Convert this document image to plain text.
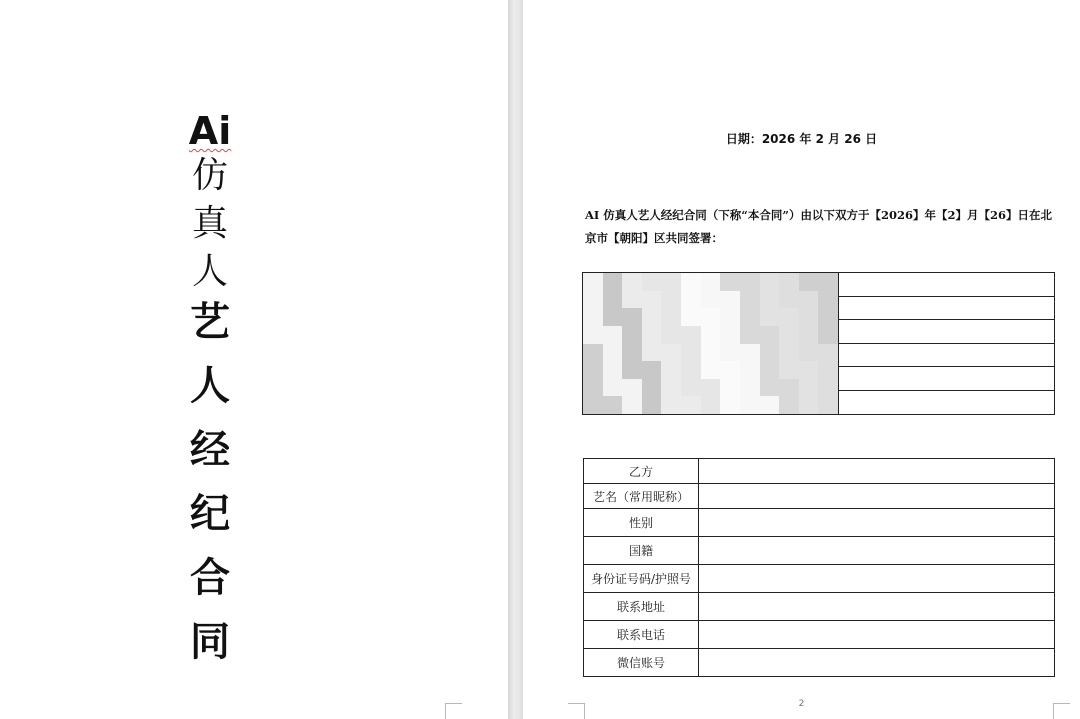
Ai
仿
真
人
艺
人
经
纪
合
同
日期：2026 年 2 月 26 日
AI 仿真人艺人经纪合同（下称“本合同”）由以下双方于【2026】年【2】月【26】日在北
京市【朝阳】区共同签署：
乙方	
艺名（常用昵称）	
性别	
国籍	
身份证号码/护照号	
联系地址	
联系电话	
微信账号	
2
